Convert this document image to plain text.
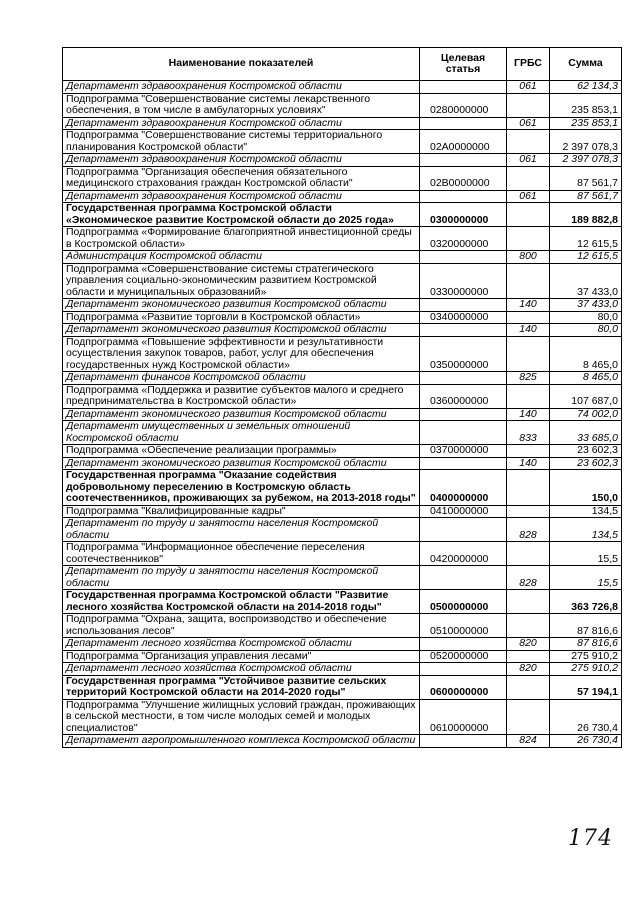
Наименование показателей	Целевая статья	ГРБС	Сумма
Департамент здравоохранения Костромской области		061	62 134,3
Подпрограмма "Совершенствование системы лекарственного обеспечения, в том числе в амбулаторных условиях"	0280000000		235 853,1
Департамент здравоохранения Костромской области		061	235 853,1
Подпрограмма "Совершенствование системы территориального планирования Костромской области"	02А0000000		2 397 078,3
Департамент здравоохранения Костромской области		061	2 397 078,3
Подпрограмма "Организация обеспечения обязательного медицинского страхования граждан Костромской области"	02В0000000		87 561,7
Департамент здравоохранения Костромской области		061	87 561,7
Государственная программа Костромской области «Экономическое развитие Костромской области до 2025 года»	0300000000		189 882,8
Подпрограмма «Формирование благоприятной инвестиционной среды в Костромской области»	0320000000		12 615,5
Администрация Костромской области		800	12 615,5
Подпрограмма «Совершенствование системы стратегического управления социально-экономическим развитием Костромской области и муниципальных образований»	0330000000		37 433,0
Департамент экономического развития Костромской области		140	37 433,0
Подпрограмма «Развитие торговли в Костромской области»	0340000000		80,0
Департамент экономического развития Костромской области		140	80,0
Подпрограмма «Повышение эффективности и результативности осуществления закупок товаров, работ, услуг для обеспечения государственных нужд Костромской области»	0350000000		8 465,0
Департамент финансов Костромской области		825	8 465,0
Подпрограмма «Поддержка и развитие субъектов малого и среднего предпринимательства в Костромской области»	0360000000		107 687,0
Департамент экономического развития Костромской области		140	74 002,0
Департамент имущественных и земельных отношений Костромской области		833	33 685,0
Подпрограмма «Обеспечение реализации программы»	0370000000		23 602,3
Департамент экономического развития Костромской области		140	23 602,3
Государственная программа "Оказание содействия добровольному переселению в Костромскую область соотечественников, проживающих за рубежом, на 2013-2018 годы"	0400000000		150,0
Подпрограмма "Квалифицированные кадры"	0410000000		134,5
Департамент по труду и занятости населения Костромской области		828	134,5
Подпрограмма "Информационное обеспечение переселения соотечественников"	0420000000		15,5
Департамент по труду и занятости населения Костромской области		828	15,5
Государственная программа Костромской области "Развитие лесного хозяйства Костромской области на 2014-2018 годы"	0500000000		363 726,8
Подпрограмма "Охрана, защита, воспроизводство и обеспечение использования лесов"	0510000000		87 816,6
Департамент лесного хозяйства Костромской области		820	87 816,6
Подпрограмма "Организация управления лесами"	0520000000		275 910,2
Департамент лесного хозяйства Костромской области		820	275 910,2
Государственная программа "Устойчивое развитие сельских территорий Костромской области на 2014-2020 годы"	0600000000		57 194,1
Подпрограмма "Улучшение жилищных условий граждан, проживающих в сельской местности, в том числе молодых семей и молодых специалистов"	0610000000		26 730,4
Департамент агропромышленного комплекса Костромской области		824	26 730,4
174
